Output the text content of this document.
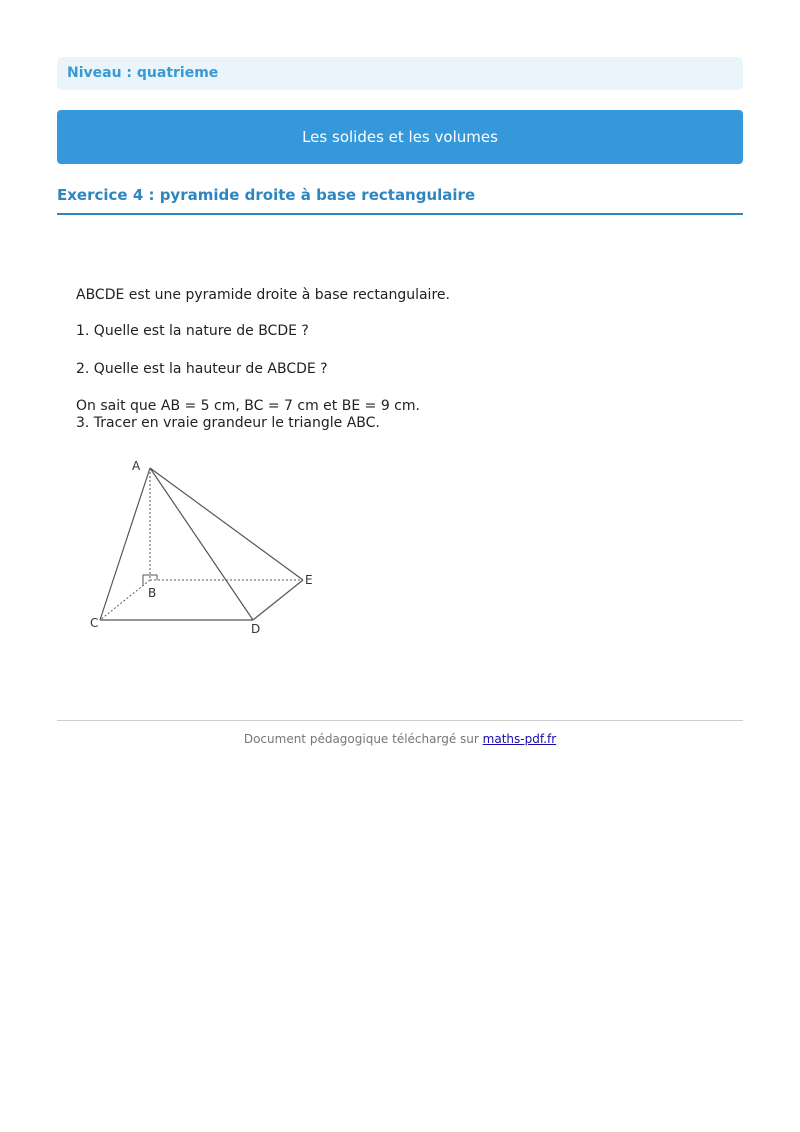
Niveau : quatrieme
Les solides et les volumes
Exercice 4 : pyramide droite à base rectangulaire

ABCDE est une pyramide droite à base rectangulaire.

1. Quelle est la nature de BCDE ?

2. Quelle est la hauteur de ABCDE ?

On sait que AB = 5 cm, BC = 7 cm et BE = 9 cm.

3. Tracer en vraie grandeur le triangle ABC.

A
B
C	D
E
Document pédagogique téléchargé sur maths-pdf.fr
